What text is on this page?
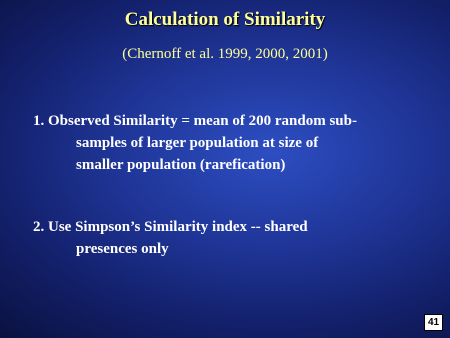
Calculation of Similarity
(Chernoff et al. 1999, 2000, 2001)
1. Observed Similarity = mean of 200 random sub-
samples of larger population at size of
smaller population (rarefication)
2. Use Simpson’s Similarity index -- shared
presences only
41
